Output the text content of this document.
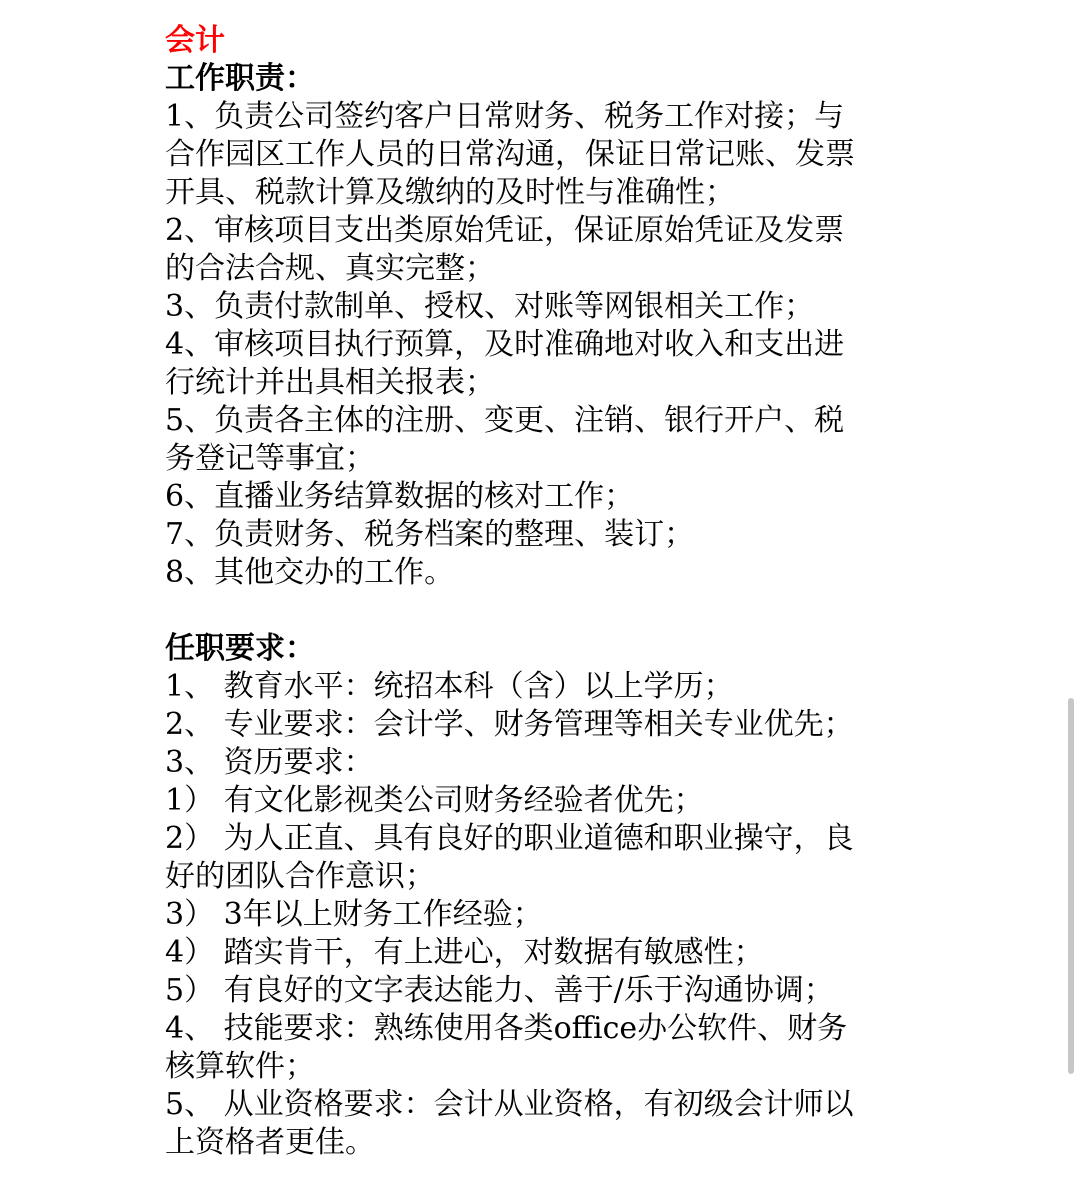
会计
工作职责：
1、负责公司签约客户日常财务、税务工作对接；与
合作园区工作人员的日常沟通，保证日常记账、发票
开具、税款计算及缴纳的及时性与准确性；
2、审核项目支出类原始凭证，保证原始凭证及发票
的合法合规、真实完整；
3、负责付款制单、授权、对账等网银相关工作；
4、审核项目执行预算，及时准确地对收入和支出进
行统计并出具相关报表；
5、负责各主体的注册、变更、注销、银行开户、税
务登记等事宜；
6、直播业务结算数据的核对工作；
7、负责财务、税务档案的整理、装订；
8、其他交办的工作。
任职要求：
1、 教育水平：统招本科（含）以上学历；
2、 专业要求：会计学、财务管理等相关专业优先；
3、 资历要求：
1） 有文化影视类公司财务经验者优先；
2） 为人正直、具有良好的职业道德和职业操守，良
好的团队合作意识；
3） 3年以上财务工作经验；
4） 踏实肯干，有上进心，对数据有敏感性；
5） 有良好的文字表达能力、善于/乐于沟通协调；
4、 技能要求：熟练使用各类office办公软件、财务
核算软件；
5、 从业资格要求：会计从业资格，有初级会计师以
上资格者更佳。
